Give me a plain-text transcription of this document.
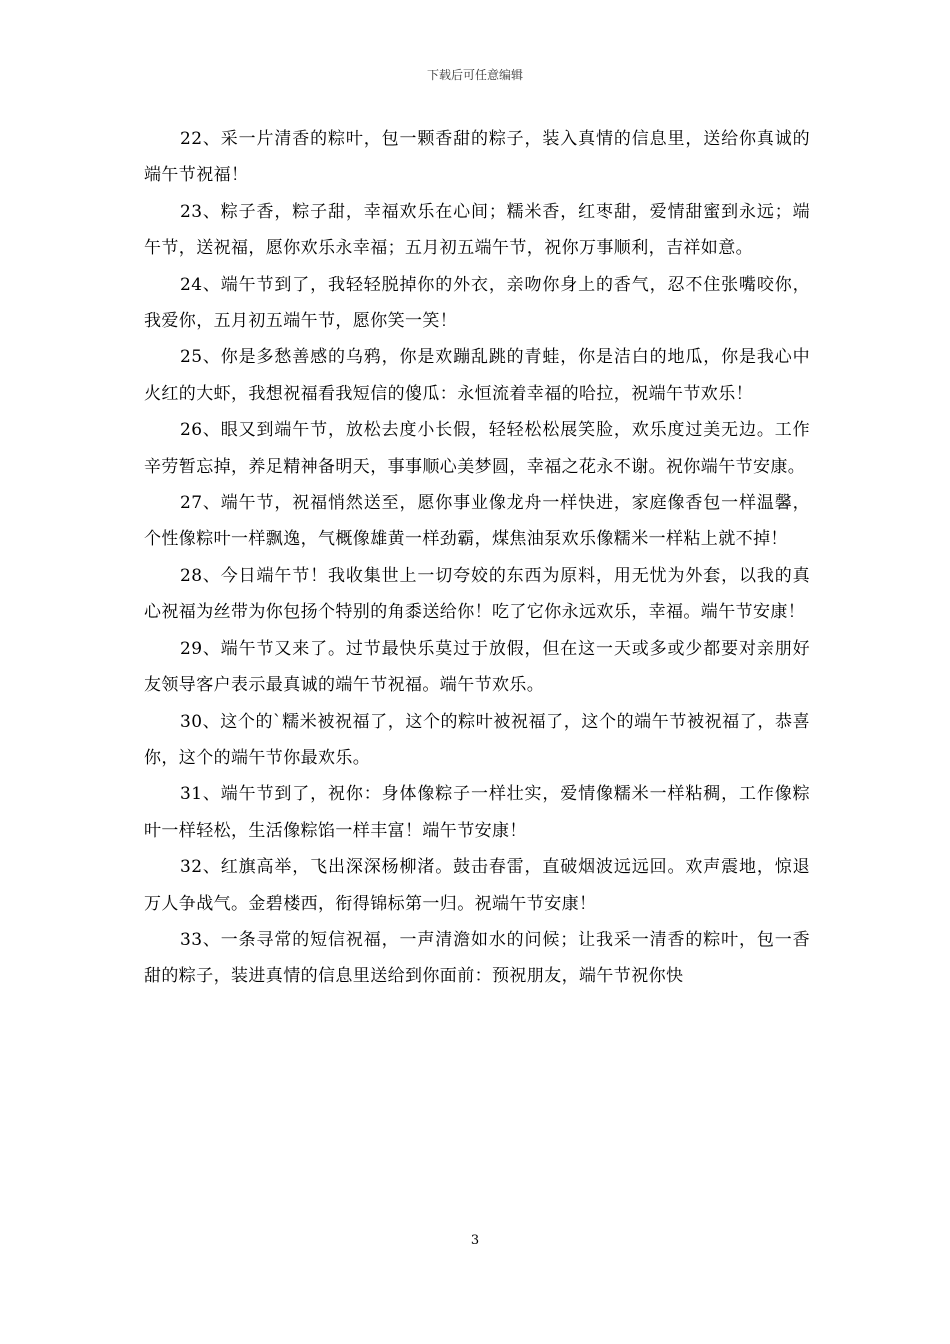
下载后可任意编辑

22、采一片清香的粽叶，包一颗香甜的粽子，装入真情的信息里，送给你真诚的端午节祝福！

23、粽子香，粽子甜，幸福欢乐在心间；糯米香，红枣甜，爱情甜蜜到永远；端午节，送祝福，愿你欢乐永幸福；五月初五端午节，祝你万事顺利，吉祥如意。

24、端午节到了，我轻轻脱掉你的外衣，亲吻你身上的香气，忍不住张嘴咬你，我爱你，五月初五端午节，愿你笑一笑！

25、你是多愁善感的乌鸦，你是欢蹦乱跳的青蛙，你是洁白的地瓜，你是我心中火红的大虾，我想祝福看我短信的傻瓜：永恒流着幸福的哈拉，祝端午节欢乐！

26、眼又到端午节，放松去度小长假，轻轻松松展笑脸，欢乐度过美无边。工作辛劳暂忘掉，养足精神备明天，事事顺心美梦圆，幸福之花永不谢。祝你端午节安康。

27、端午节，祝福悄然送至，愿你事业像龙舟一样快进，家庭像香包一样温馨，个性像粽叶一样飘逸，气概像雄黄一样劲霸，煤焦油泵欢乐像糯米一样粘上就不掉！

28、今日端午节！我收集世上一切夸姣的东西为原料，用无忧为外套，以我的真心祝福为丝带为你包扬个特别的角黍送给你！吃了它你永远欢乐，幸福。端午节安康！

29、端午节又来了。过节最快乐莫过于放假，但在这一天或多或少都要对亲朋好友领导客户表示最真诚的端午节祝福。端午节欢乐。

30、这个的`糯米被祝福了，这个的粽叶被祝福了，这个的端午节被祝福了，恭喜你，这个的端午节你最欢乐。

31、端午节到了，祝你：身体像粽子一样壮实，爱情像糯米一样粘稠，工作像粽叶一样轻松，生活像粽馅一样丰富！端午节安康！

32、红旗高举，飞出深深杨柳渚。鼓击春雷，直破烟波远远回。欢声震地，惊退万人争战气。金碧楼西，衔得锦标第一归。祝端午节安康！

33、一条寻常的短信祝福，一声清澹如水的问候；让我采一清香的粽叶，包一香甜的粽子，装进真情的信息里送给到你面前：预祝朋友，端午节祝你快

3
